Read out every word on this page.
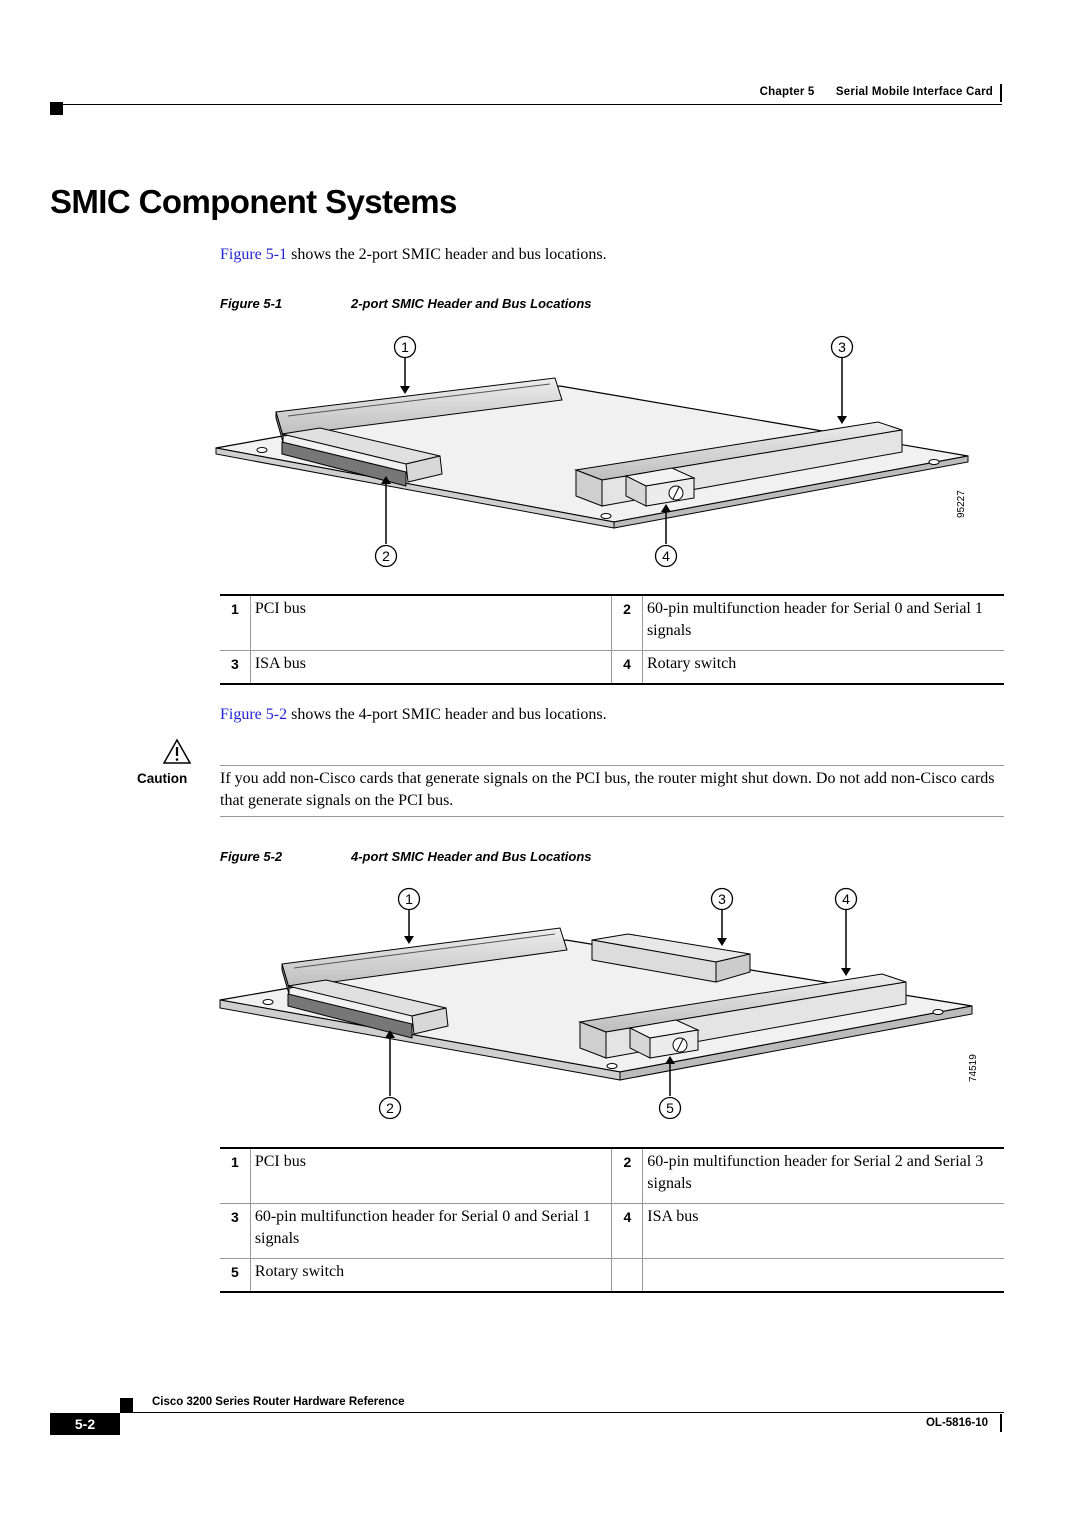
Chapter 5 Serial Mobile Interface Card
SMIC Component Systems
Figure 5-1 shows the 2-port SMIC header and bus locations.
Figure 5-1	2-port SMIC Header and Bus Locations
1	3
2	4
95227
1	PCI bus	2	60-pin multifunction header for Serial 0 and Serial 1 signals
3	ISA bus	4	Rotary switch
Figure 5-2 shows the 4-port SMIC header and bus locations.
Caution If you add non-Cisco cards that generate signals on the PCI bus, the router might shut down. Do not add non-Cisco cards that generate signals on the PCI bus.
Figure 5-2	4-port SMIC Header and Bus Locations
1	3	4
2	5
74519
1	PCI bus	2	60-pin multifunction header for Serial 2 and Serial 3 signals
3	60-pin multifunction header for Serial 0 and Serial 1 signals	4	ISA bus
5	Rotary switch		
Cisco 3200 Series Router Hardware Reference
5-2	OL-5816-10
